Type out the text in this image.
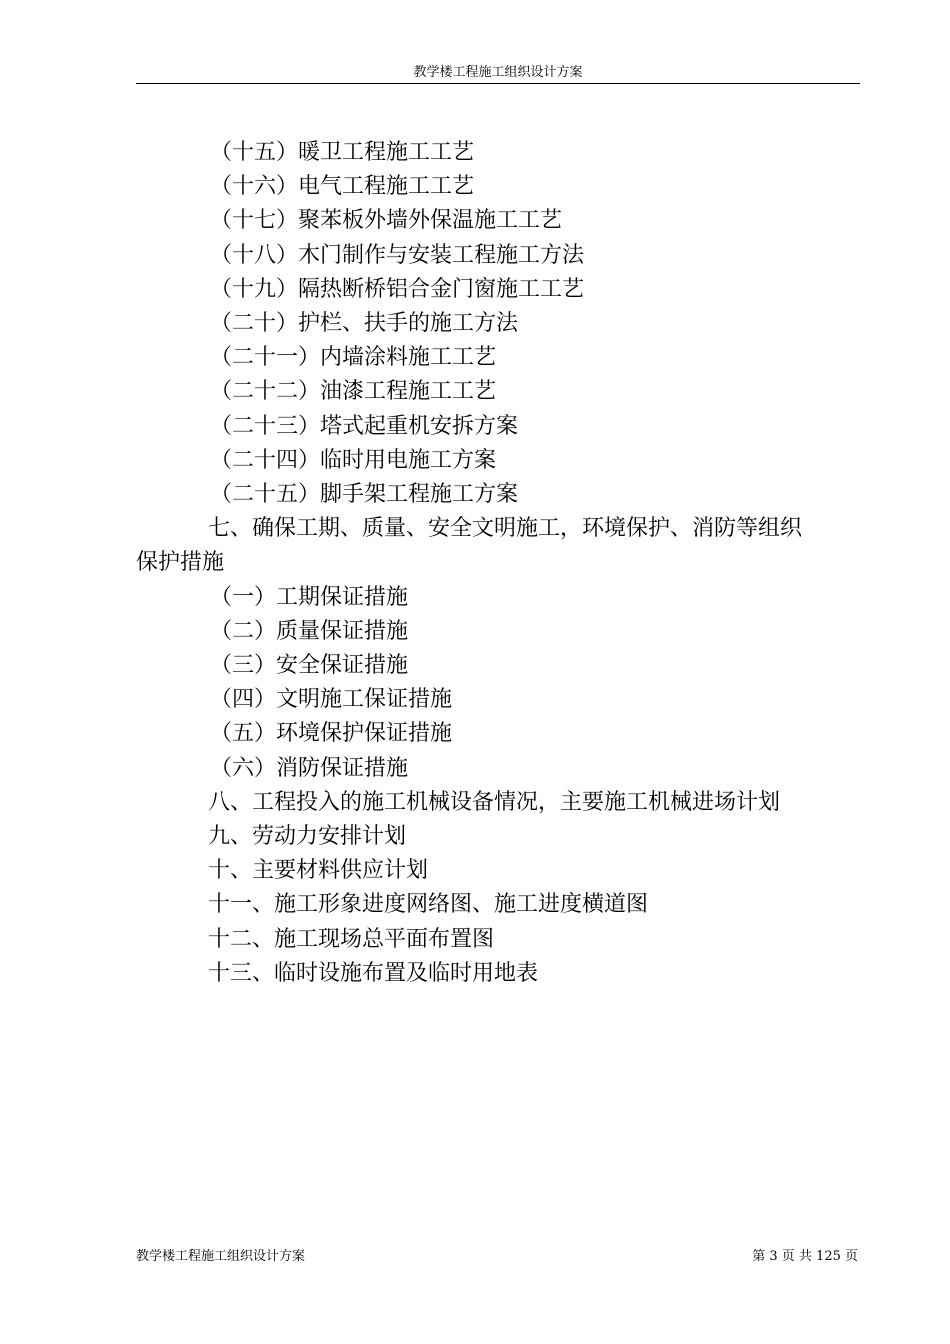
教学楼工程施工组织设计方案
（十五）暖卫工程施工工艺
（十六）电气工程施工工艺
（十七）聚苯板外墙外保温施工工艺
（十八）木门制作与安装工程施工方法
（十九）隔热断桥铝合金门窗施工工艺
（二十）护栏、扶手的施工方法
（二十一）内墙涂料施工工艺
（二十二）油漆工程施工工艺
（二十三）塔式起重机安拆方案
（二十四）临时用电施工方案
（二十五）脚手架工程施工方案
七、确保工期、质量、安全文明施工，环境保护、消防等组织
保护措施
（一）工期保证措施
（二）质量保证措施
（三）安全保证措施
（四）文明施工保证措施
（五）环境保护保证措施
（六）消防保证措施
八、工程投入的施工机械设备情况，主要施工机械进场计划
九、劳动力安排计划
十、主要材料供应计划
十一、施工形象进度网络图、施工进度横道图
十二、施工现场总平面布置图
十三、临时设施布置及临时用地表
教学楼工程施工组织设计方案	第 3 页 共 125 页
